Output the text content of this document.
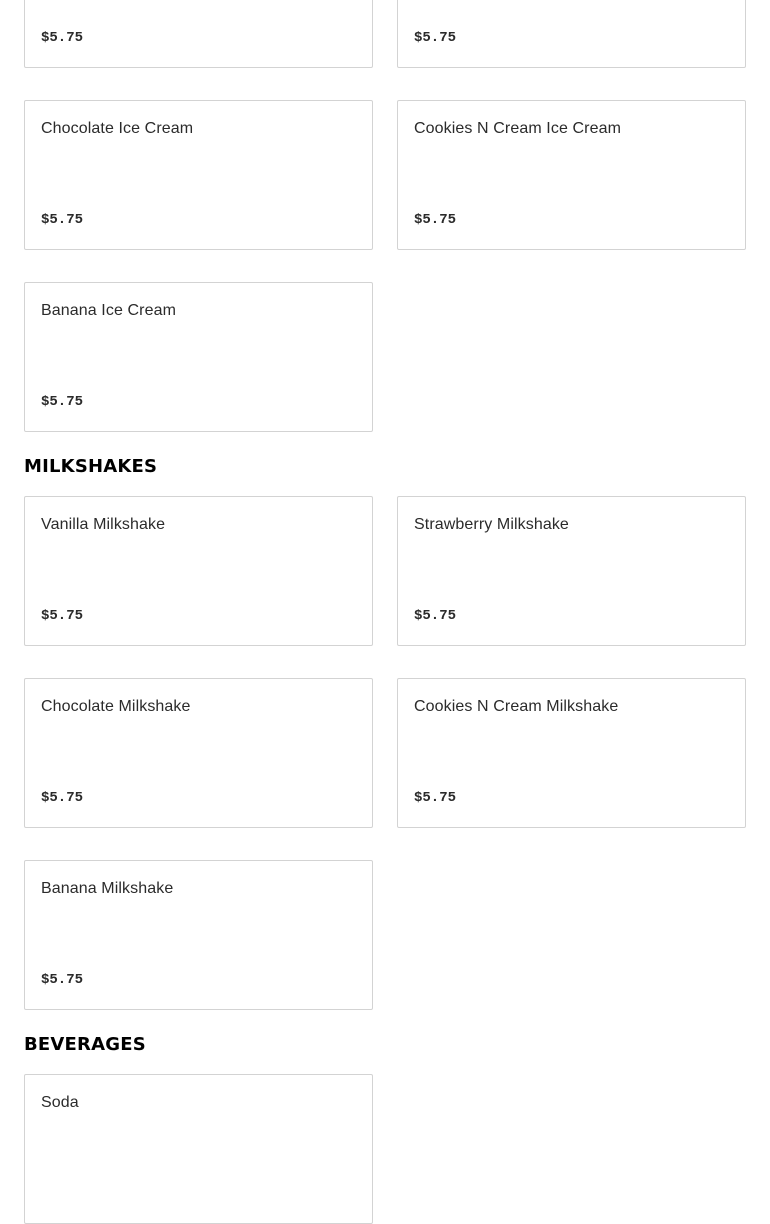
$5.75	$5.75
Chocolate Ice Cream
$5.75
Cookies N Cream Ice Cream
$5.75
Banana Ice Cream
$5.75
MILKSHAKES
Vanilla Milkshake
$5.75
Strawberry Milkshake
$5.75
Chocolate Milkshake
$5.75
Cookies N Cream Milkshake
$5.75
Banana Milkshake
$5.75
BEVERAGES
Soda
